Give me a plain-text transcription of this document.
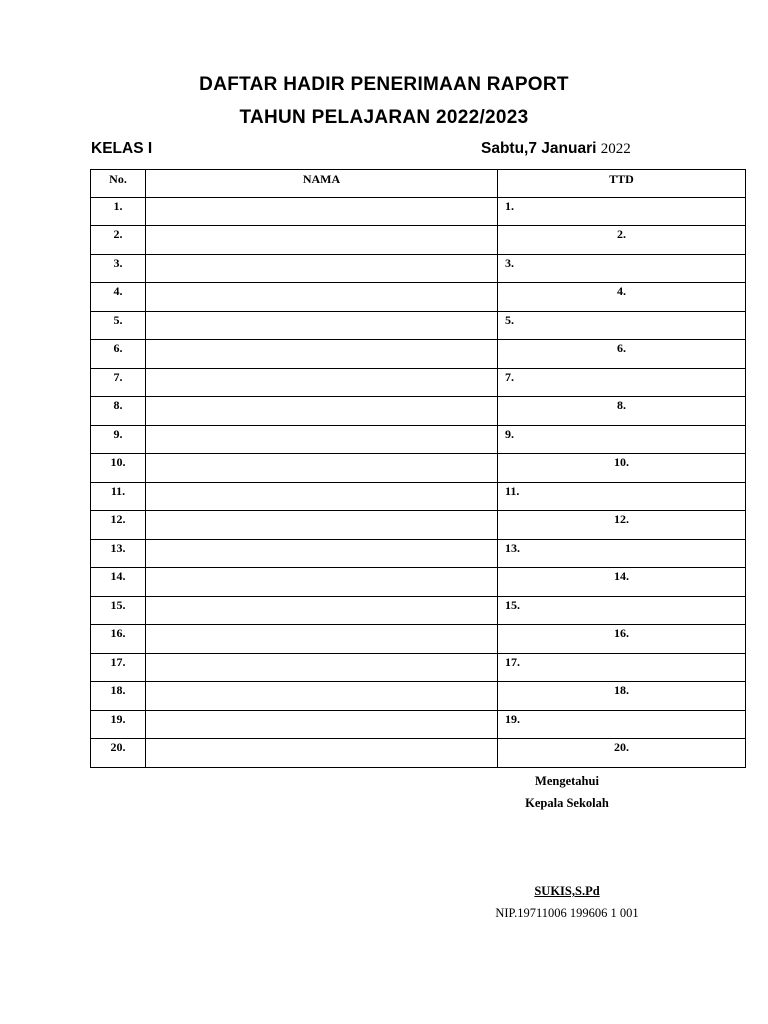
DAFTAR HADIR PENERIMAAN RAPORT
TAHUN PELAJARAN 2022/2023
KELAS I	Sabtu,7 Januari 2022
No.	NAMA	TTD
1.		1.
2.		2.
3.		3.
4.		4.
5.		5.
6.		6.
7.		7.
8.		8.
9.		9.
10.		10.
11.		11.
12.		12.
13.		13.
14.		14.
15.		15.
16.		16.
17.		17.
18.		18.
19.		19.
20.		20.
Mengetahui
Kepala Sekolah
SUKIS,S.Pd
NIP.19711006 199606 1 001
